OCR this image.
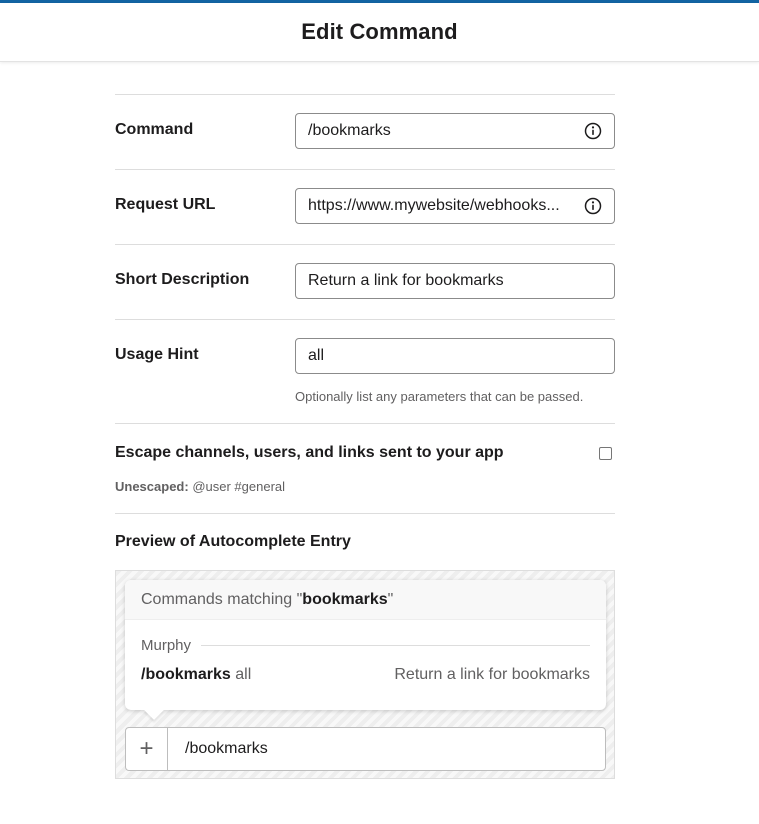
Edit Command
Command	/bookmarks
Request URL	https://www.mywebsite/webhooks...
Short Description	Return a link for bookmarks
Usage Hint	all
Optionally list any parameters that can be passed.
Escape channels, users, and links sent to your app
Unescaped: @user #general
Preview of Autocomplete Entry
Commands matching " bookmarks "
Murphy
/bookmarks all	Return a link for bookmarks
+	/bookmarks
